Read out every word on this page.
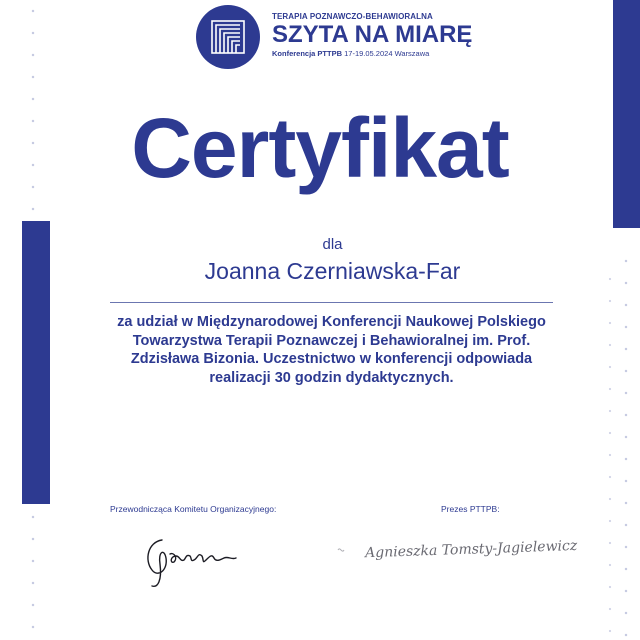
TERAPIA POZNAWCZO-BEHAWIORALNA
SZYTA NA MIARĘ
Konferencja PTTPB 17-19.05.2024 Warszawa
Certyfikat
dla
Joanna Czerniawska-Far
za udział w Międzynarodowej Konferencji Naukowej Polskiego Towarzystwa Terapii Poznawczej i Behawioralnej im. Prof. Zdzisława Bizonia. Uczestnictwo w konferencji odpowiada realizacji 30 godzin dydaktycznych.
Przewodnicząca Komitetu Organizacyjnego:	Prezes PTTPB:
Agnieszka Tomsty-Jagielewicz
